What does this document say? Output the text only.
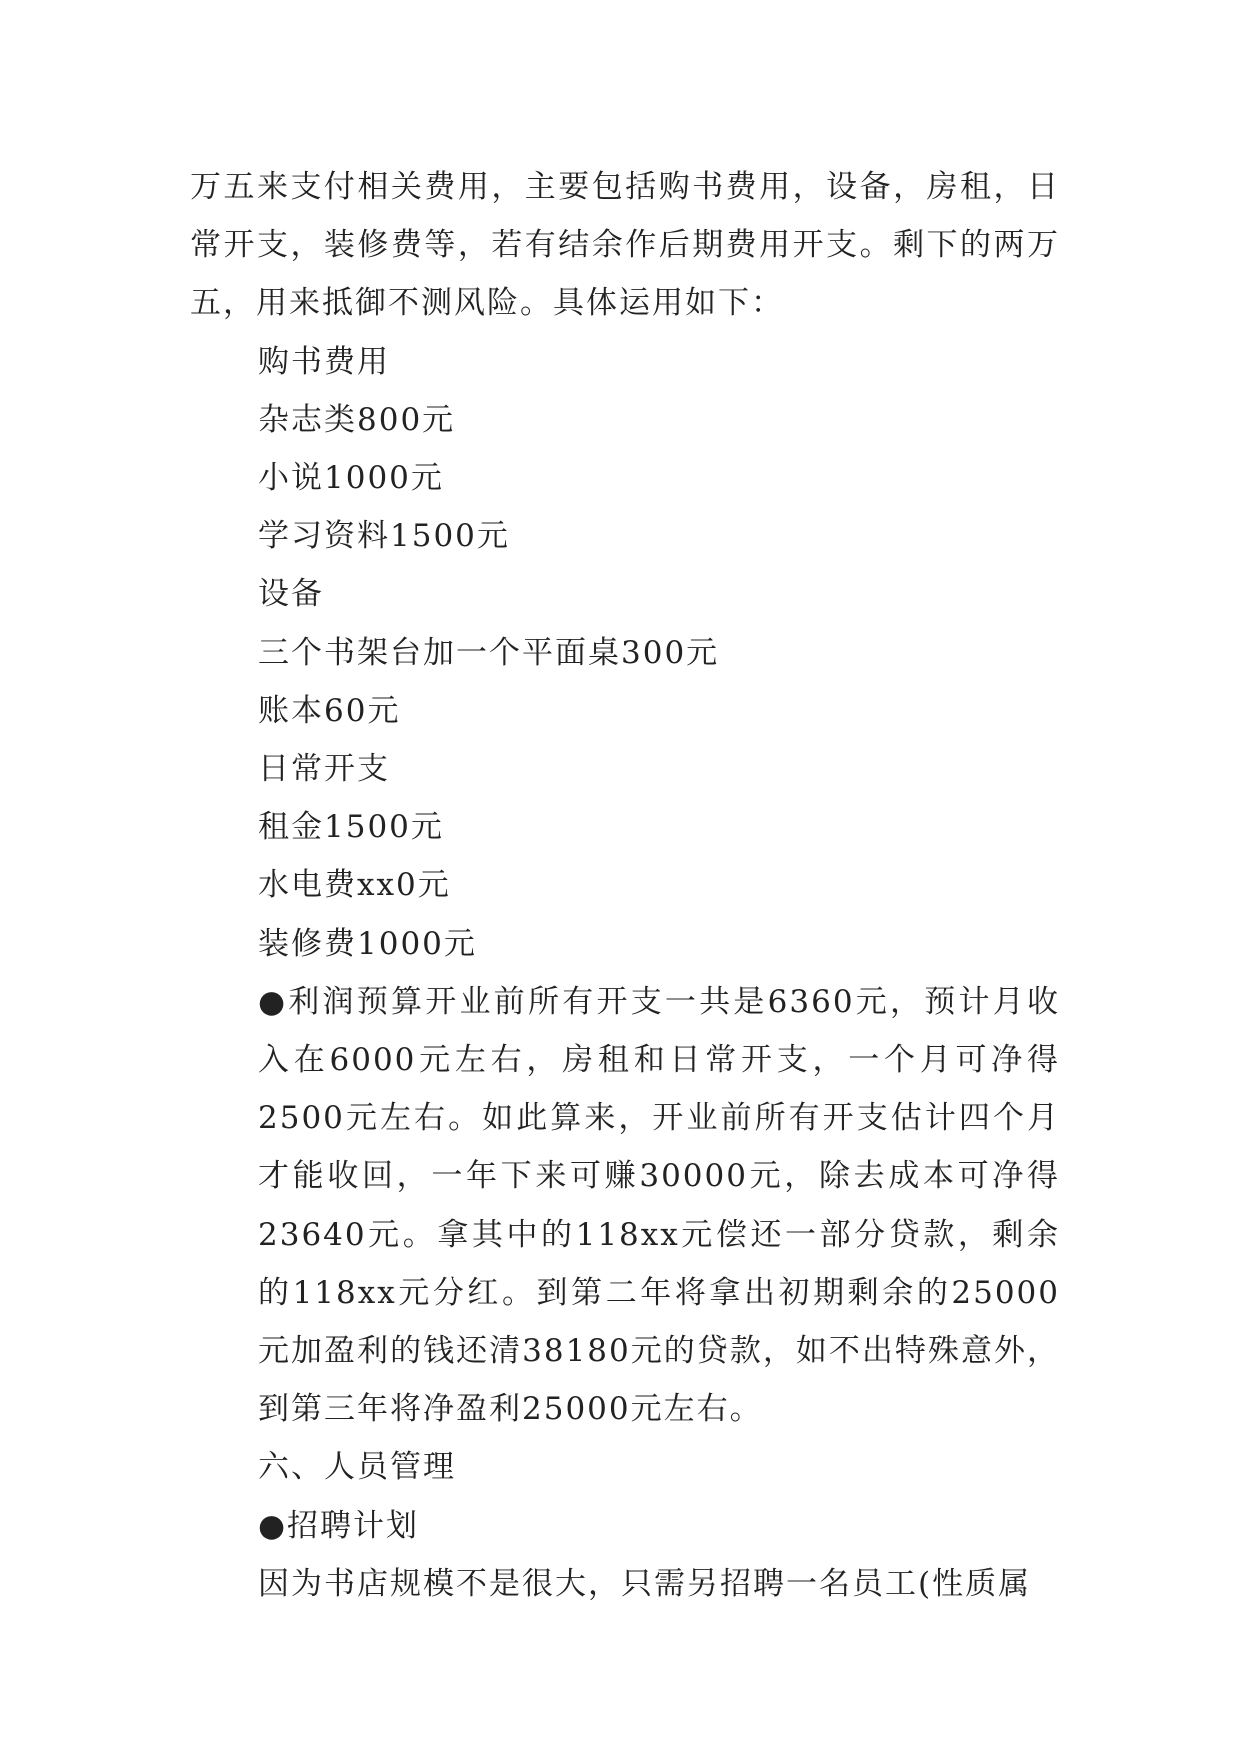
万五来支付相关费用，主要包括购书费用，设备，房租，日常开支，装修费等，若有结余作后期费用开支。剩下的两万五，用来抵御不测风险。具体运用如下：

购书费用

杂志类800元

小说1000元

学习资料1500元

设备

三个书架台加一个平面桌300元

账本60元

日常开支

租金1500元

水电费xx0元

装修费1000元

●利润预算开业前所有开支一共是6360元，预计月收入在6000元左右，房租和日常开支，一个月可净得2500元左右。如此算来，开业前所有开支估计四个月才能收回，一年下来可赚30000元，除去成本可净得23640元。拿其中的118xx元偿还一部分贷款，剩余的118xx元分红。到第二年将拿出初期剩余的25000元加盈利的钱还清38180元的贷款，如不出特殊意外，到第三年将净盈利25000元左右。

六、人员管理

●招聘计划

因为书店规模不是很大，只需另招聘一名员工(性质属
